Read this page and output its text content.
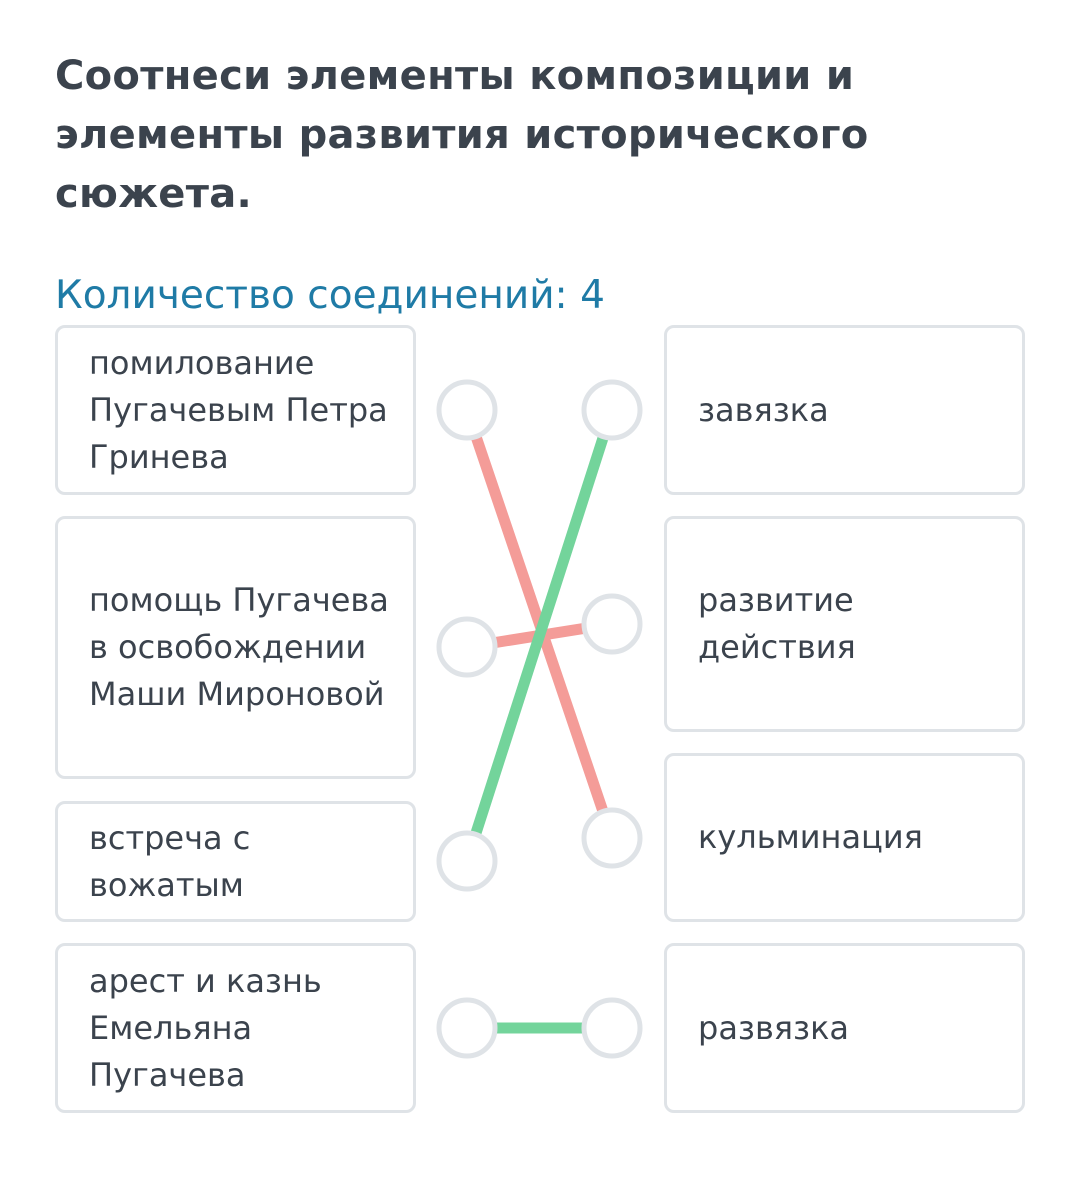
Соотнеси элементы композиции и элементы развития исторического сюжета.
Количество соединений: 4
помилование Пугачевым Петра Гринева
помощь Пугачева в освобождении Маши Мироновой
встреча с вожатым
арест и казнь Емельяна Пугачева
завязка
развитие действия
кульминация
развязка
